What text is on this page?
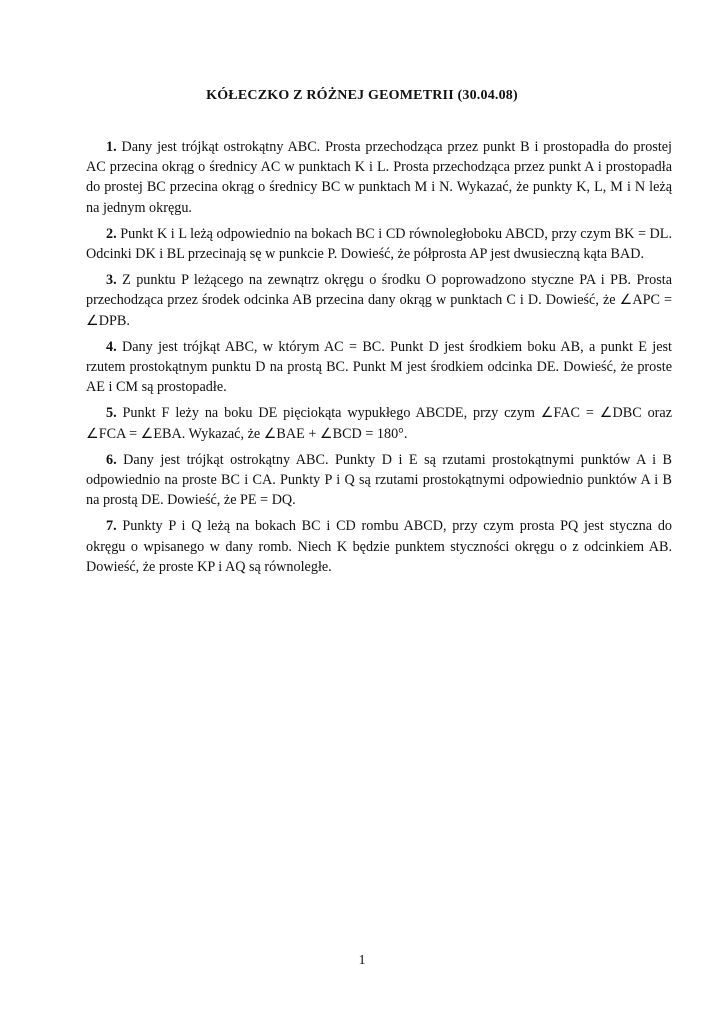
KÓŁECZKO Z RÓŻNEJ GEOMETRII (30.04.08)

1. Dany jest trójkąt ostrokątny ABC. Prosta przechodząca przez punkt B i prostopadła do prostej AC przecina okrąg o średnicy AC w punktach K i L. Prosta przechodząca przez punkt A i prostopadła do prostej BC przecina okrąg o średnicy BC w punktach M i N. Wykazać, że punkty K, L, M i N leżą na jednym okręgu.

2. Punkt K i L leżą odpowiednio na bokach BC i CD równoległoboku ABCD, przy czym BK = DL. Odcinki DK i BL przecinają sę w punkcie P. Dowieść, że półprosta AP jest dwusieczną kąta BAD.

3. Z punktu P leżącego na zewnątrz okręgu o środku O poprowadzono styczne PA i PB. Prosta przechodząca przez środek odcinka AB przecina dany okrąg w punktach C i D. Dowieść, że ∠APC = ∠DPB.

4. Dany jest trójkąt ABC, w którym AC = BC. Punkt D jest środkiem boku AB, a punkt E jest rzutem prostokątnym punktu D na prostą BC. Punkt M jest środkiem odcinka DE. Dowieść, że proste AE i CM są prostopadłe.

5. Punkt F leży na boku DE pięciokąta wypukłego ABCDE, przy czym ∠FAC = ∠DBC oraz ∠FCA = ∠EBA. Wykazać, że ∠BAE + ∠BCD = 180°.

6. Dany jest trójkąt ostrokątny ABC. Punkty D i E są rzutami prostokątnymi punktów A i B odpowiednio na proste BC i CA. Punkty P i Q są rzutami prostokątnymi odpowiednio punktów A i B na prostą DE. Dowieść, że PE = DQ.

7. Punkty P i Q leżą na bokach BC i CD rombu ABCD, przy czym prosta PQ jest styczna do okręgu o wpisanego w dany romb. Niech K będzie punktem styczności okręgu o z odcinkiem AB. Dowieść, że proste KP i AQ są równoległe.

1
